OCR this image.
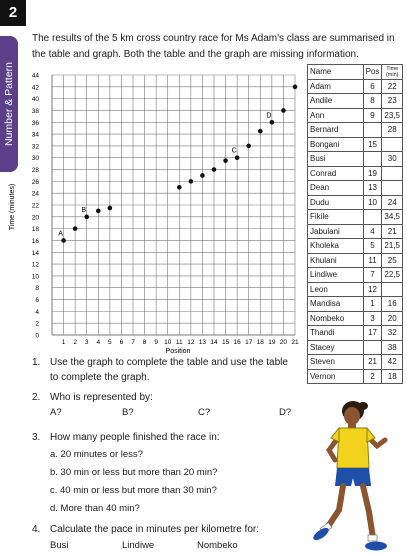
2
Number & Pattern

The results of the 5 km cross country race for Ms Adam's class are summarised in the table and graph. Both the table and the graph are missing information.

0
2
4
6
8
10
12
14
16
18
20
22
24
26
28
30
32
34
36
38
40
42
44
1 2 3 4 5 6 7 8 9 10 11 12 13 14 15 16 17 18 19 20 21
A
B
C
D
Position
Time (minutes)
Name	Pos	Time
(min)
Adam	6	22
Andile	8	23
Ann	9	23,5
Bernard		28
Bongani	15	
Busi		30
Conrad	19	
Dean	13	
Dudu	10	24
Fikile		34,5
Jabulani	4	21
Kholeka	5	21,5
Khulani	11	25
Lindiwe	7	22,5
Leon	12	
Mandisa	1	16
Nombeko	3	20
Thandi	17	32
Stacey		38
Steven	21	42
Vernon	2	18
1. Use the graph to complete the table and use the table to complete the graph.
2. Who is represented by:
A?	B?	C?	D?
3. How many people finished the race in:
a. 20 minutes or less?
b. 30 min or less but more than 20 min?
c. 40 min or less but more than 30 min?
d. More than 40 min?
4. Calculate the pace in minutes per kilometre for:
Busi	Lindiwe	Nombeko
